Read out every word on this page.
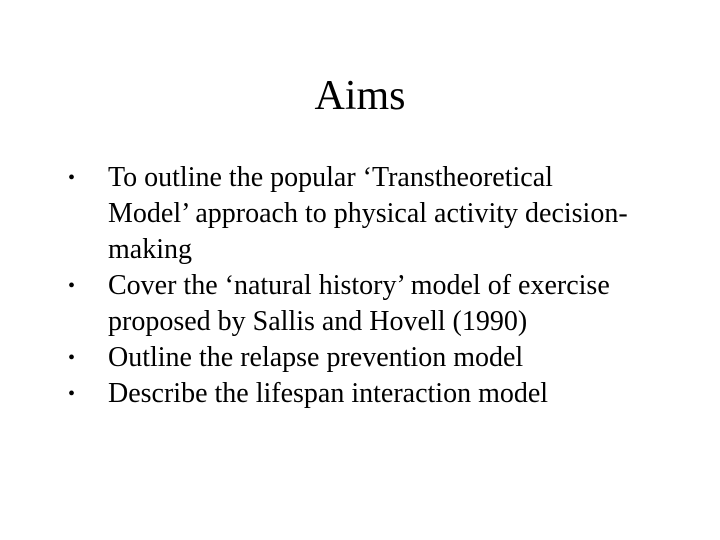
Aims
• To outline the popular ‘Transtheoretical Model’ approach to physical activity decision-making
• Cover the ‘natural history’ model of exercise proposed by Sallis and Hovell (1990)
• Outline the relapse prevention model
• Describe the lifespan interaction model
